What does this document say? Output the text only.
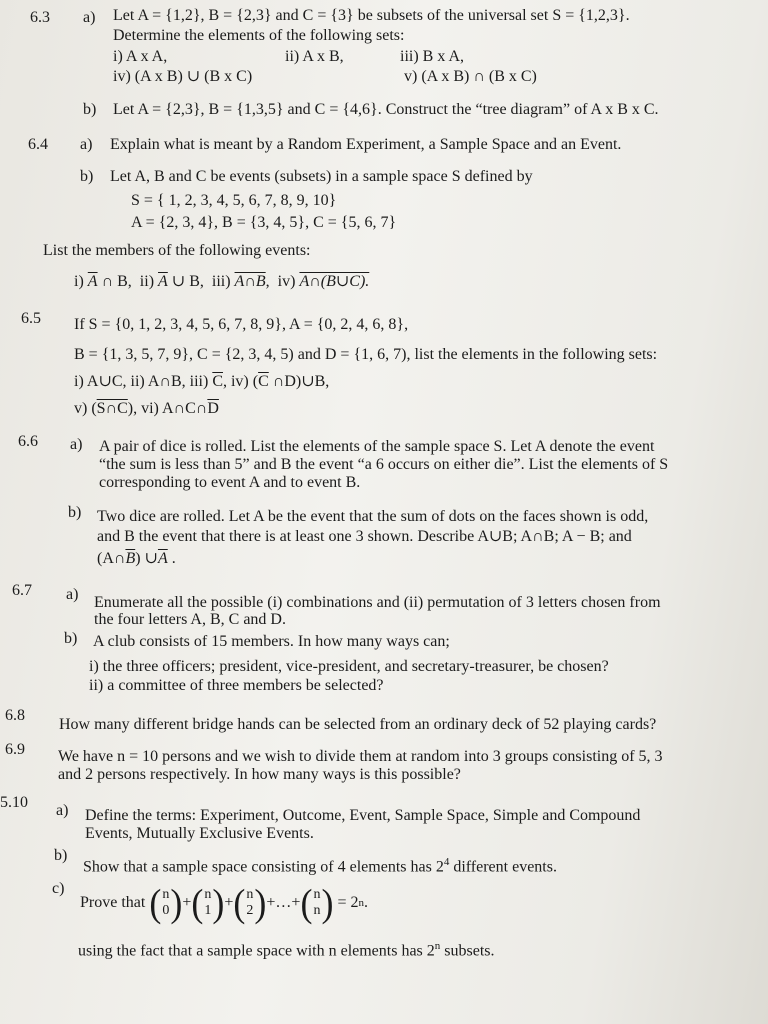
6.3 a) Let A = {1,2}, B = {2,3} and C = {3} be subsets of the universal set S = {1,2,3}.
Determine the elements of the following sets:
i) A x A,	ii) A x B,	iii) B x A,
iv) (A x B) ∪ (B x C)	v) (A x B) ∩ (B x C)
b) Let A = {2,3}, B = {1,3,5} and C = {4,6}. Construct the “tree diagram” of A x B x C.
6.4 a) Explain what is meant by a Random Experiment, a Sample Space and an Event.
b) Let A, B and C be events (subsets) in a sample space S defined by
S = { 1, 2, 3, 4, 5, 6, 7, 8, 9, 10}
A = {2, 3, 4}, B = {3, 4, 5}, C = {5, 6, 7}
List the members of the following events:
i) $\overline{A}$ ∩ B, ii) $\overline{A}$ ∪ B, iii) A∩B,  iv) A∩(B∪C).
6.5 If S = {0, 1, 2, 3, 4, 5, 6, 7, 8, 9}, A = {0, 2, 4, 6, 8},
B = {1, 3, 5, 7, 9}, C = {2, 3, 4, 5) and D = {1, 6, 7), list the elements in the following sets:
i) A∪C, ii) A∩B, iii) $\overline{C}$, iv) ($\overline{C}$ ∩D)∪B,
v) (S∩C), vi) $A\cap C\cap\overline{D}$
6.6 a) A pair of dice is rolled. List the elements of the sample space S. Let A denote the event
“the sum is less than 5” and B the event “a 6 occurs on either die”. List the elements of S
corresponding to event A and to event B.
b) Two dice are rolled. Let A be the event that the sum of dots on the faces shown is odd,
and B the event that there is at least one 3 shown. Describe A∪B; A∩B; A − B; and
$(A\cap\overline{B})$ $\cup\overline{A}$ .
6.7 a) Enumerate all the possible (i) combinations and (ii) permutation of 3 letters chosen from
the four letters A, B, C and D.
b) A club consists of 15 members. In how many ways can;
i) the three officers; president, vice-president, and secretary-treasurer, be chosen?
ii) a committee of three members be selected?
6.8
How many different bridge hands can be selected from an ordinary deck of 52 playing cards?
6.9 We have n = 10 persons and we wish to divide them at random into 3 groups consisting of 5, 3
and 2 persons respectively. In how many ways is this possible?
5.10 a) Define the terms: Experiment, Outcome, Event, Sample Space, Simple and Compound
Events, Mutually Exclusive Events.
b)
Show that a sample space consisting of 4 elements has $2^4$ different events.
c)
Prove that
( n
0 ) + ( n
1 ) + ( n
2 ) +…+ ( n
n )
= 2 n .
using the fact that a sample space with n elements has 2$^n$ subsets.
